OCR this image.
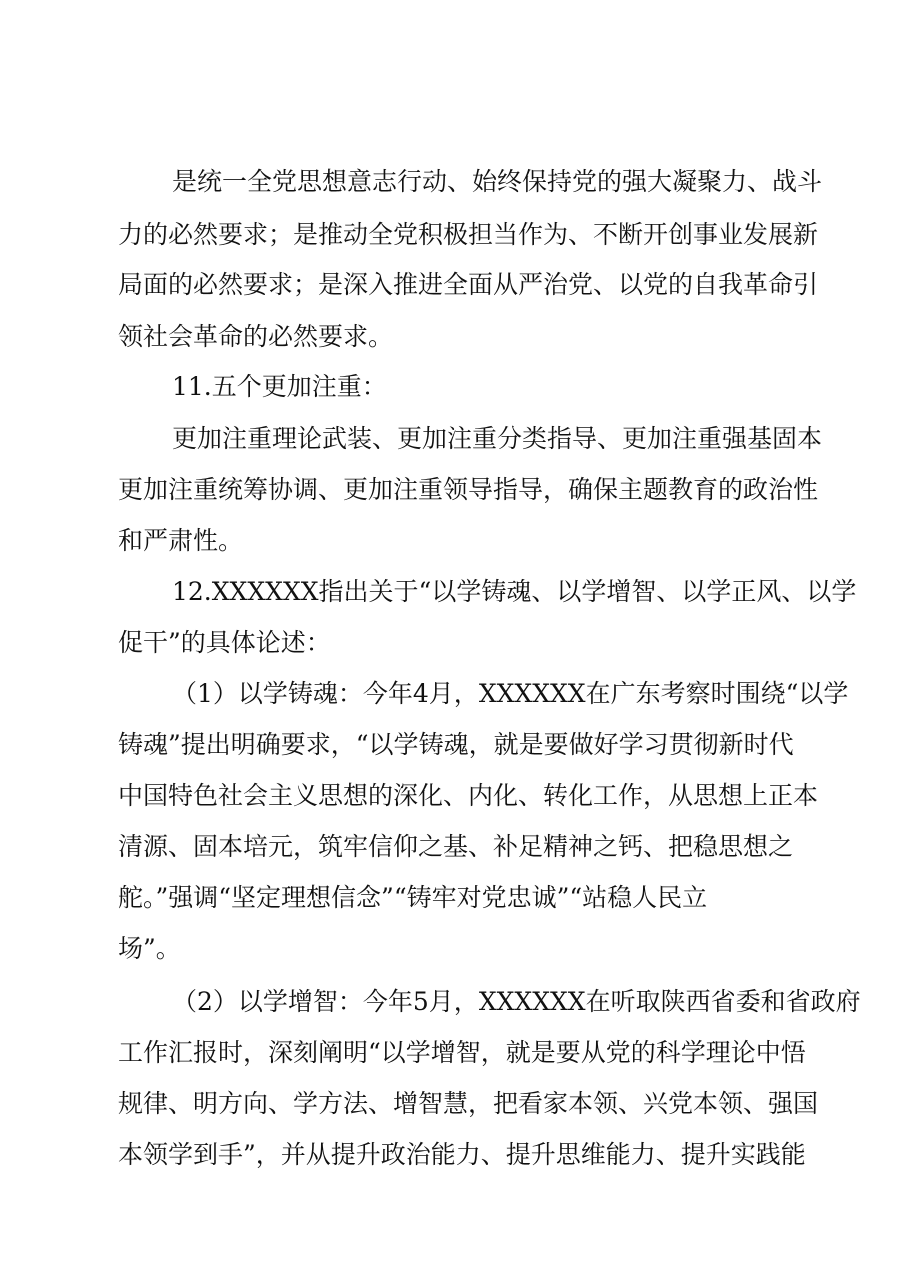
是统一全党思想意志行动、始终保持党的强大凝聚力、战斗
力的必然要求；是推动全党积极担当作为、不断开创事业发展新
局面的必然要求；是深入推进全面从严治党、以党的自我革命引
领社会革命的必然要求。
11.五个更加注重：
更加注重理论武装、更加注重分类指导、更加注重强基固本
更加注重统筹协调、更加注重领导指导，确保主题教育的政治性
和严肃性。
12.XXXXXX指出关于“以学铸魂、以学增智、以学正风、以学
促干”的具体论述：
（1）以学铸魂：今年4月，XXXXXX在广东考察时围绕“以学
铸魂”提出明确要求，“以学铸魂，就是要做好学习贯彻新时代
中国特色社会主义思想的深化、内化、转化工作，从思想上正本
清源、固本培元，筑牢信仰之基、补足精神之钙、把稳思想之
舵。”强调“坚定理想信念”“铸牢对党忠诚”“站稳人民立
场”。
（2）以学增智：今年5月，XXXXXX在听取陕西省委和省政府
工作汇报时，深刻阐明“以学增智，就是要从党的科学理论中悟
规律、明方向、学方法、增智慧，把看家本领、兴党本领、强国
本领学到手”，并从提升政治能力、提升思维能力、提升实践能
